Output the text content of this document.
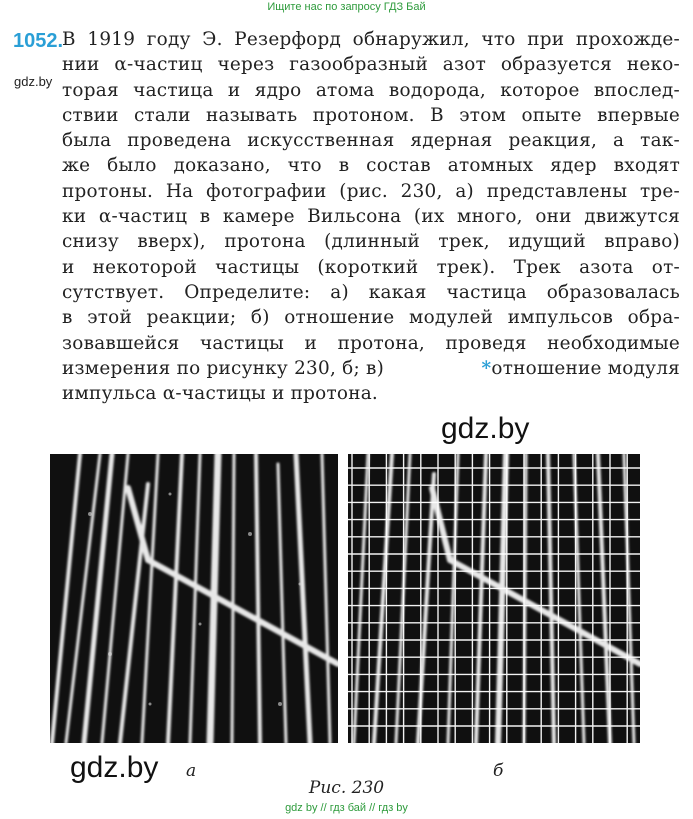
Ищите нас по запросу ГДЗ Бай
1052.
gdz.by
В 1919 году Э. Резерфорд обнаружил, что при прохожде-
нии α-частиц через газообразный азот образуется неко-
торая частица и ядро атома водорода, которое впослед-
ствии стали называть протоном. В этом опыте впервые
была проведена искусственная ядерная реакция, а так-
же было доказано, что в состав атомных ядер входят
протоны. На фотографии (рис. 230, а) представлены тре-
ки α-частиц в камере Вильсона (их много, они движутся
снизу вверх), протона (длинный трек, идущий вправо)
и некоторой частицы (короткий трек). Трек азота от-
сутствует. Определите: а) какая частица образовалась
в этой реакции; б) отношение модулей импульсов обра-
зовавшейся частицы и протона, проведя необходимые
измерения по рисунку 230, б; в)	*отношение модуля
импульса α-частицы и протона.
gdz.by
gdz.by а	б
Рис. 230
gdz by // гдз бай // гдз by
